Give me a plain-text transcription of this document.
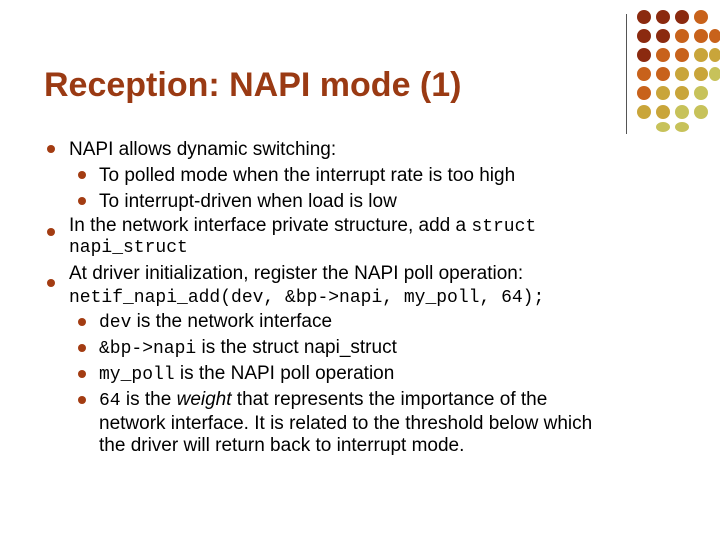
Reception: NAPI mode (1)
NAPI allows dynamic switching:
To polled mode when the interrupt rate is too high
To interrupt-driven when load is low
In the network interface private structure, add a struct
napi_struct
At driver initialization, register the NAPI poll operation:
netif_napi_add(dev, &bp->napi, my_poll, 64);
dev is the network interface
&bp->napi is the struct napi_struct
my_poll is the NAPI poll operation
64 is the weight that represents the importance of the
network interface. It is related to the threshold below which
the driver will return back to interrupt mode.
